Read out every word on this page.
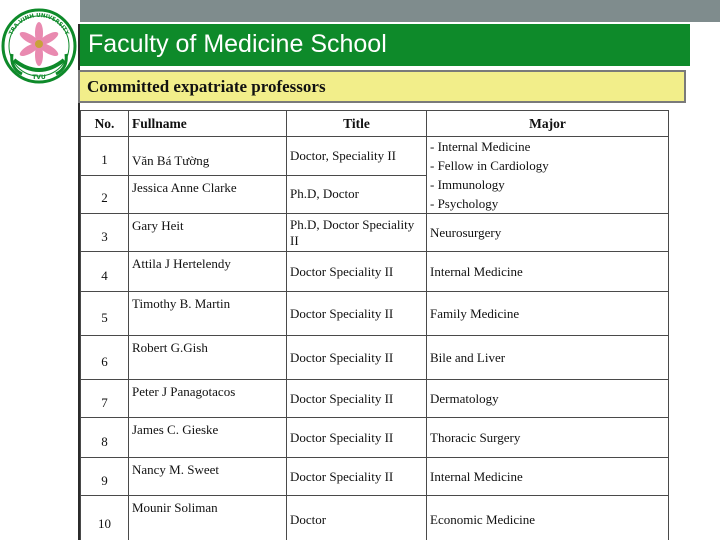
Faculty of Medicine School
TRA VINH UNIVERSITY
TVU Committed expatriate professors
No.	Fullname	Title	Major
1	Văn Bá Tường	Doctor, Speciality II	- Internal Medicine
- Fellow in Cardiology
- Immunology
- Psychology

2	Jessica Anne Clarke	Ph.D, Doctor	
3	Gary Heit	Ph.D, Doctor Speciality II	Neurosurgery
4	Attila J Hertelendy	Doctor Speciality II	Internal Medicine
5	Timothy B. Martin	Doctor Speciality II	Family Medicine
6	Robert G.Gish	Doctor Speciality II	Bile and Liver
7	Peter J Panagotacos	Doctor Speciality II	Dermatology
8	James C. Gieske	Doctor Speciality II	Thoracic Surgery
9	Nancy M. Sweet	Doctor Speciality II	Internal Medicine
10	Mounir Soliman	Doctor	Economic Medicine
